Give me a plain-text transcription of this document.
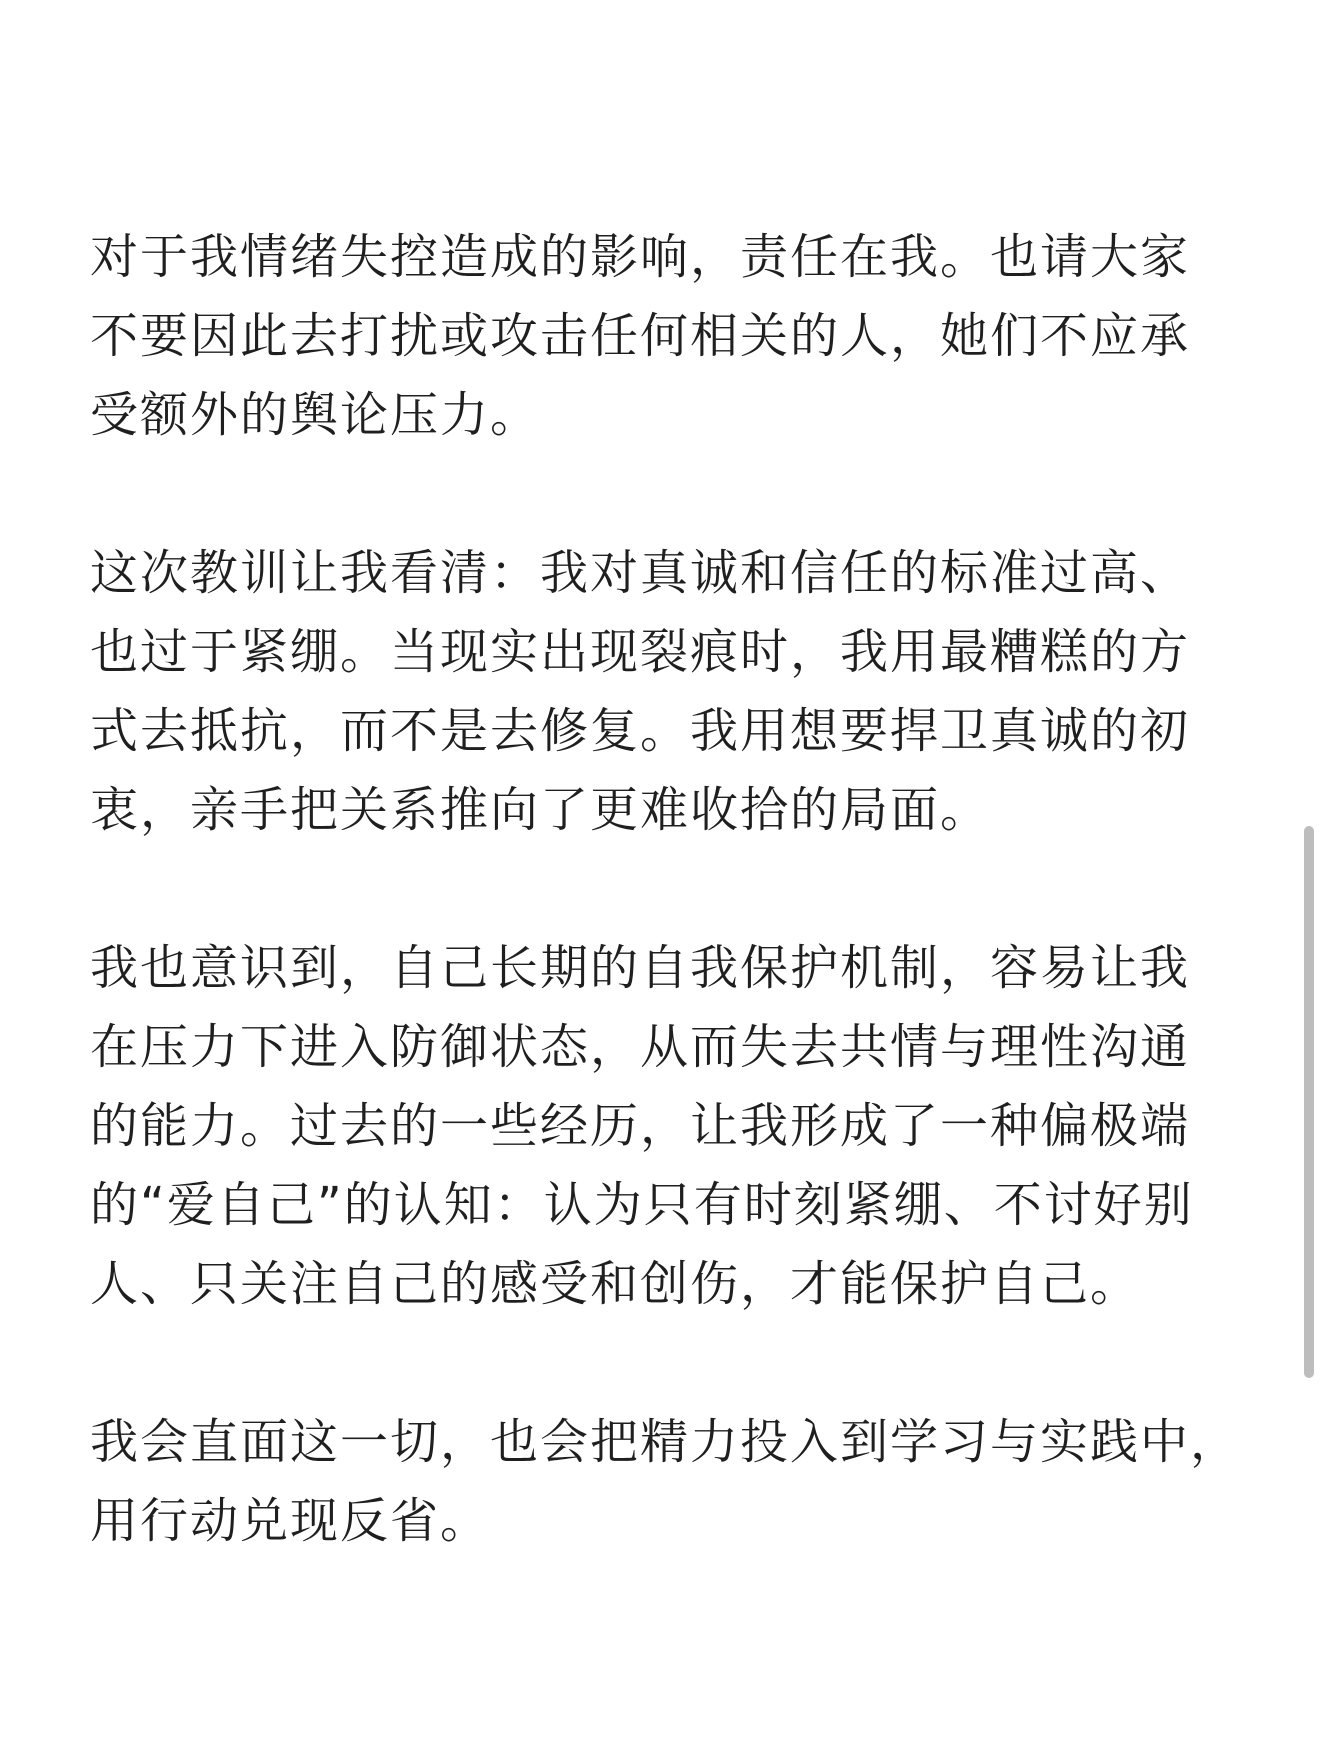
对于我情绪失控造成的影响，责任在我。也请大家
不要因此去打扰或攻击任何相关的人，她们不应承
受额外的舆论压力。

这次教训让我看清：我对真诚和信任的标准过高、
也过于紧绷。当现实出现裂痕时，我用最糟糕的方
式去抵抗，而不是去修复。我用想要捍卫真诚的初
衷，亲手把关系推向了更难收拾的局面。

我也意识到，自己长期的自我保护机制，容易让我
在压力下进入防御状态，从而失去共情与理性沟通
的能力。过去的一些经历，让我形成了一种偏极端
的“爱自己”的认知：认为只有时刻紧绷、不讨好别
人、只关注自己的感受和创伤，才能保护自己。

我会直面这一切，也会把精力投入到学习与实践中，
用行动兑现反省。
